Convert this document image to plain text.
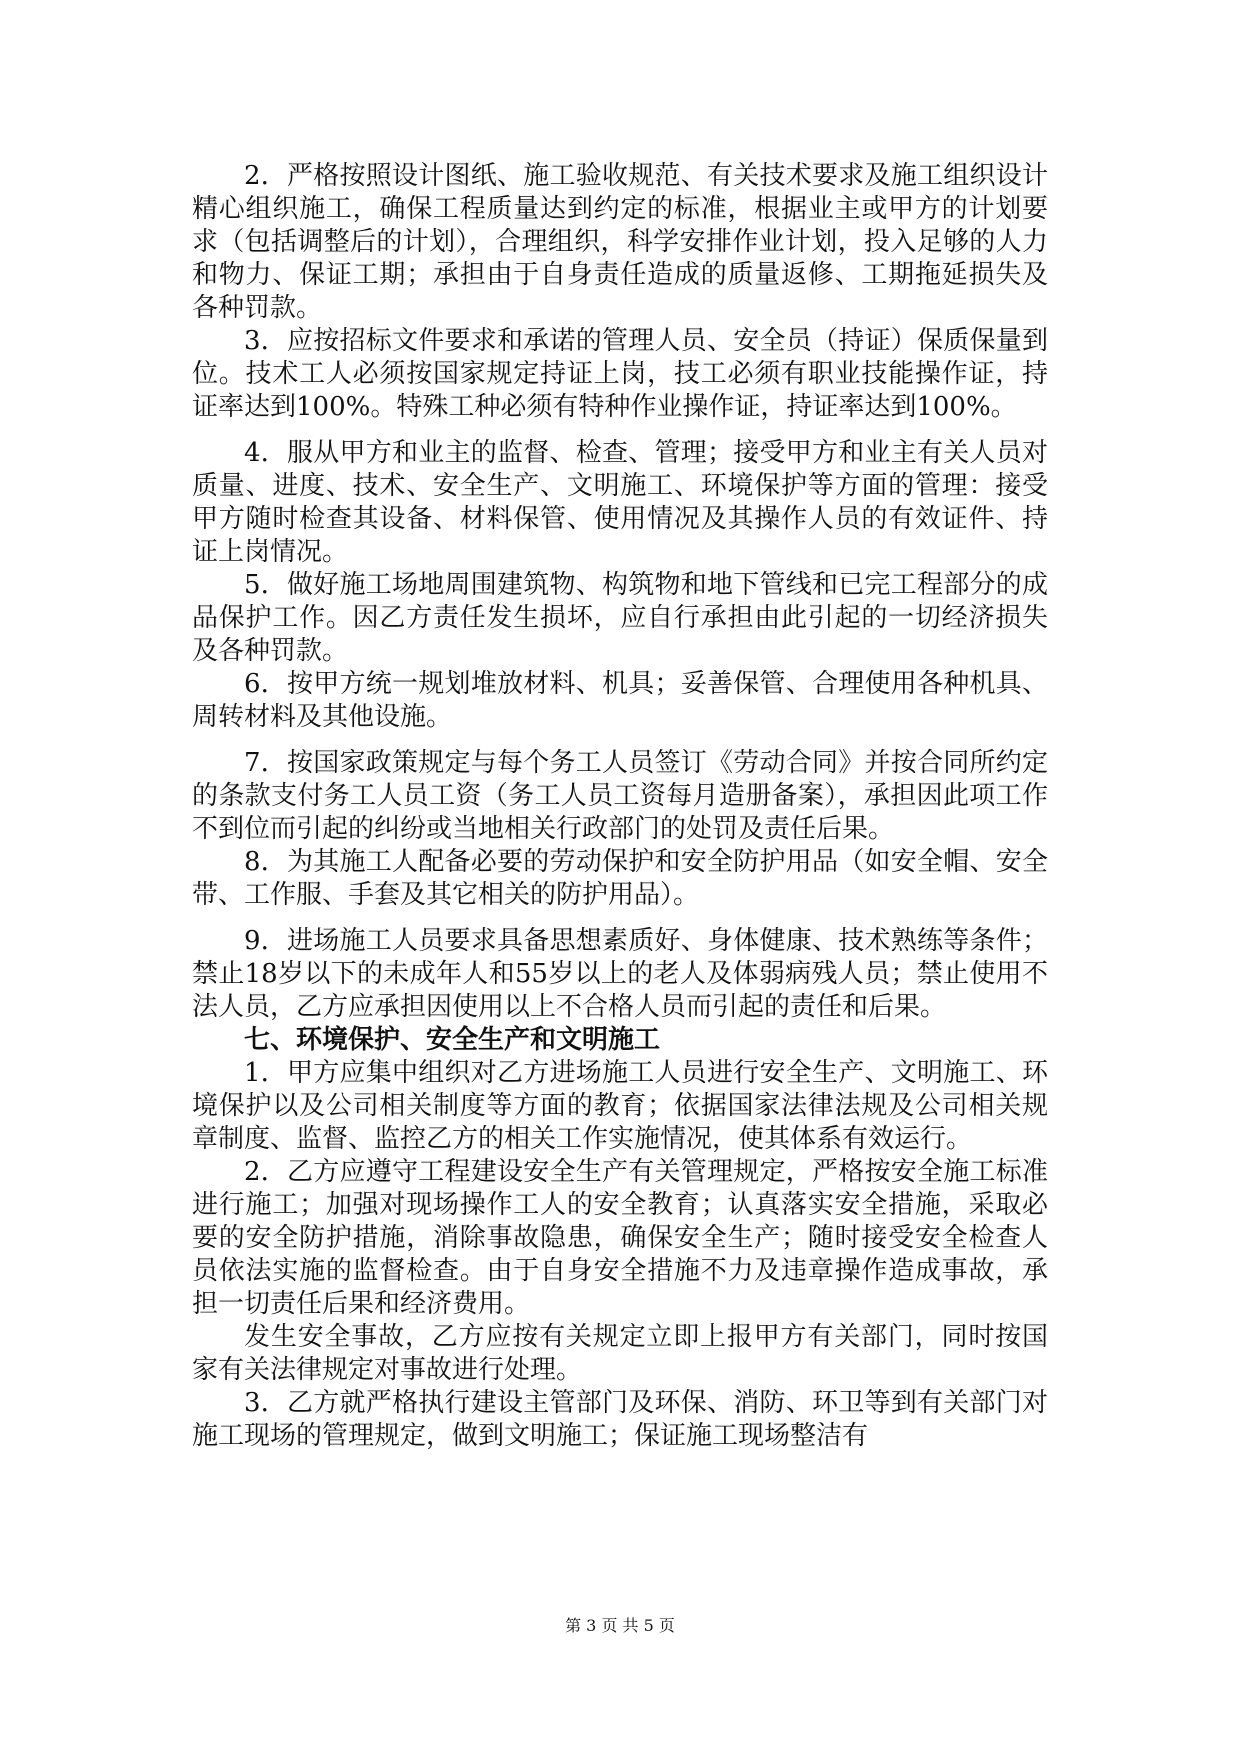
2．严格按照设计图纸、施工验收规范、有关技术要求及施工组织设计精心组织施工，确保工程质量达到约定的标准，根据业主或甲方的计划要求（包括调整后的计划），合理组织，科学安排作业计划，投入足够的人力和物力、保证工期；承担由于自身责任造成的质量返修、工期拖延损失及各种罚款。

3．应按招标文件要求和承诺的管理人员、安全员（持证）保质保量到位。技术工人必须按国家规定持证上岗，技工必须有职业技能操作证，持证率达到100%。特殊工种必须有特种作业操作证，持证率达到100%。

4．服从甲方和业主的监督、检查、管理；接受甲方和业主有关人员对质量、进度、技术、安全生产、文明施工、环境保护等方面的管理：接受甲方随时检查其设备、材料保管、使用情况及其操作人员的有效证件、持证上岗情况。

5．做好施工场地周围建筑物、构筑物和地下管线和已完工程部分的成品保护工作。因乙方责任发生损坏，应自行承担由此引起的一切经济损失及各种罚款。

6．按甲方统一规划堆放材料、机具；妥善保管、合理使用各种机具、周转材料及其他设施。

7．按国家政策规定与每个务工人员签订《劳动合同》并按合同所约定的条款支付务工人员工资（务工人员工资每月造册备案），承担因此项工作不到位而引起的纠纷或当地相关行政部门的处罚及责任后果。

8．为其施工人配备必要的劳动保护和安全防护用品（如安全帽、安全带、工作服、手套及其它相关的防护用品）。

9．进场施工人员要求具备思想素质好、身体健康、技术熟练等条件；禁止18岁以下的未成年人和55岁以上的老人及体弱病残人员；禁止使用不法人员，乙方应承担因使用以上不合格人员而引起的责任和后果。

七、环境保护、安全生产和文明施工

1．甲方应集中组织对乙方进场施工人员进行安全生产、文明施工、环境保护以及公司相关制度等方面的教育；依据国家法律法规及公司相关规章制度、监督、监控乙方的相关工作实施情况，使其体系有效运行。

2．乙方应遵守工程建设安全生产有关管理规定，严格按安全施工标准进行施工；加强对现场操作工人的安全教育；认真落实安全措施，采取必要的安全防护措施，消除事故隐患，确保安全生产；随时接受安全检查人员依法实施的监督检查。由于自身安全措施不力及违章操作造成事故，承担一切责任后果和经济费用。

发生安全事故，乙方应按有关规定立即上报甲方有关部门，同时按国家有关法律规定对事故进行处理。

3．乙方就严格执行建设主管部门及环保、消防、环卫等到有关部门对施工现场的管理规定，做到文明施工；保证施工现场整洁有

第 3 页 共 5 页
